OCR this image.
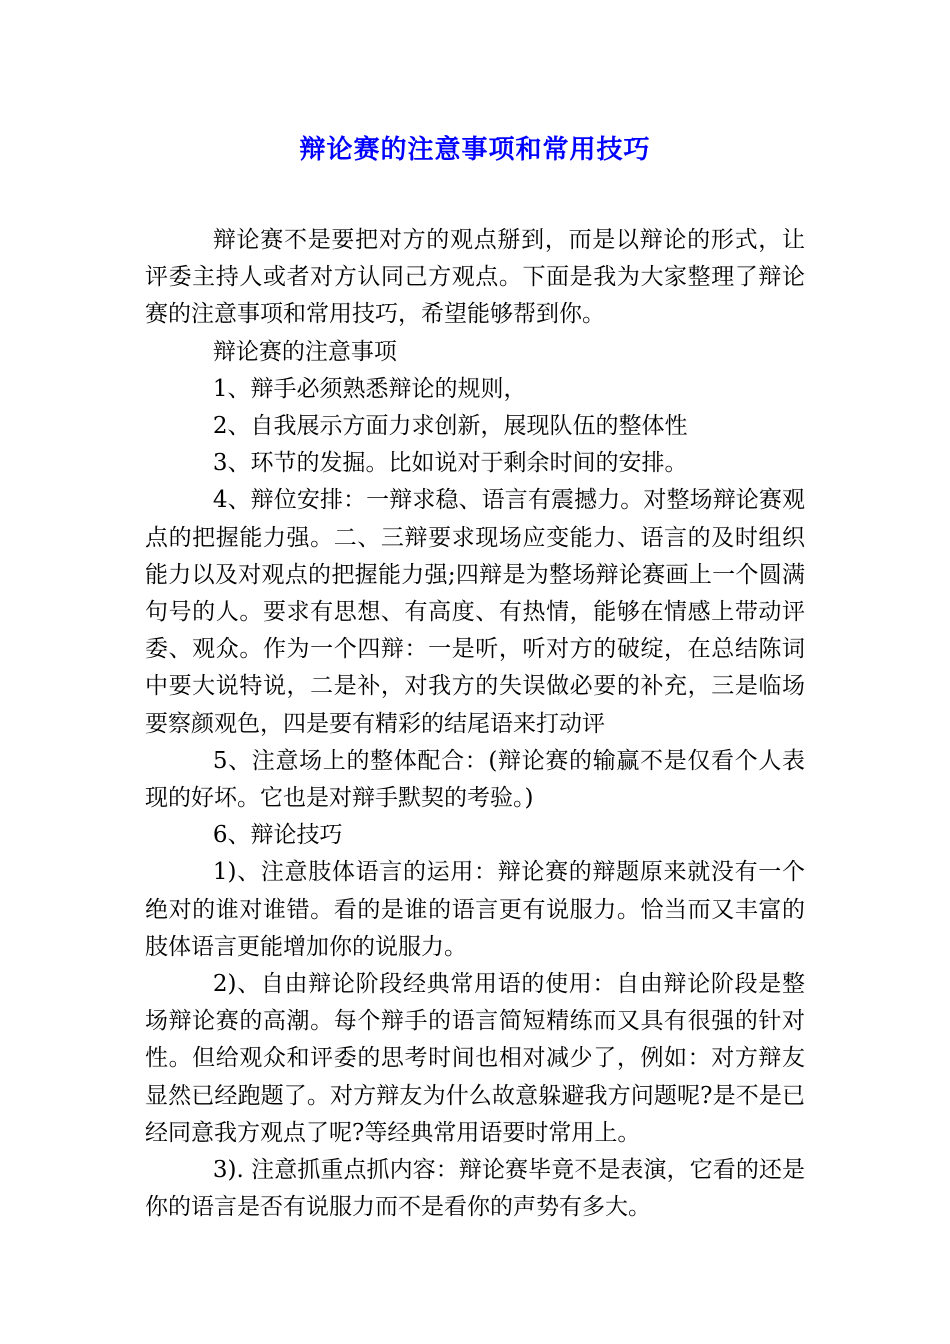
辩论赛的注意事项和常用技巧

辩论赛不是要把对方的观点掰到，而是以辩论的形式，让评委主持人或者对方认同己方观点。下面是我为大家整理了辩论赛的注意事项和常用技巧，希望能够帮到你。

辩论赛的注意事项

1、辩手必须熟悉辩论的规则，

2、自我展示方面力求创新，展现队伍的整体性

3、环节的发掘。比如说对于剩余时间的安排。

4、辩位安排：一辩求稳、语言有震撼力。对整场辩论赛观点的把握能力强。二、三辩要求现场应变能力、语言的及时组织能力以及对观点的把握能力强;四辩是为整场辩论赛画上一个圆满句号的人。要求有思想、有高度、有热情，能够在情感上带动评委、观众。作为一个四辩：一是听，听对方的破绽，在总结陈词中要大说特说，二是补，对我方的失误做必要的补充，三是临场要察颜观色，四是要有精彩的结尾语来打动评

5、注意场上的整体配合：(辩论赛的输赢不是仅看个人表现的好坏。它也是对辩手默契的考验。)

6、辩论技巧

1)、注意肢体语言的运用：辩论赛的辩题原来就没有一个绝对的谁对谁错。看的是谁的语言更有说服力。恰当而又丰富的肢体语言更能增加你的说服力。

2)、自由辩论阶段经典常用语的使用：自由辩论阶段是整场辩论赛的高潮。每个辩手的语言简短精练而又具有很强的针对性。但给观众和评委的思考时间也相对减少了，例如：对方辩友显然已经跑题了。对方辩友为什么故意躲避我方问题呢?是不是已经同意我方观点了呢?等经典常用语要时常用上。

3). 注意抓重点抓内容：辩论赛毕竟不是表演，它看的还是你的语言是否有说服力而不是看你的声势有多大。
